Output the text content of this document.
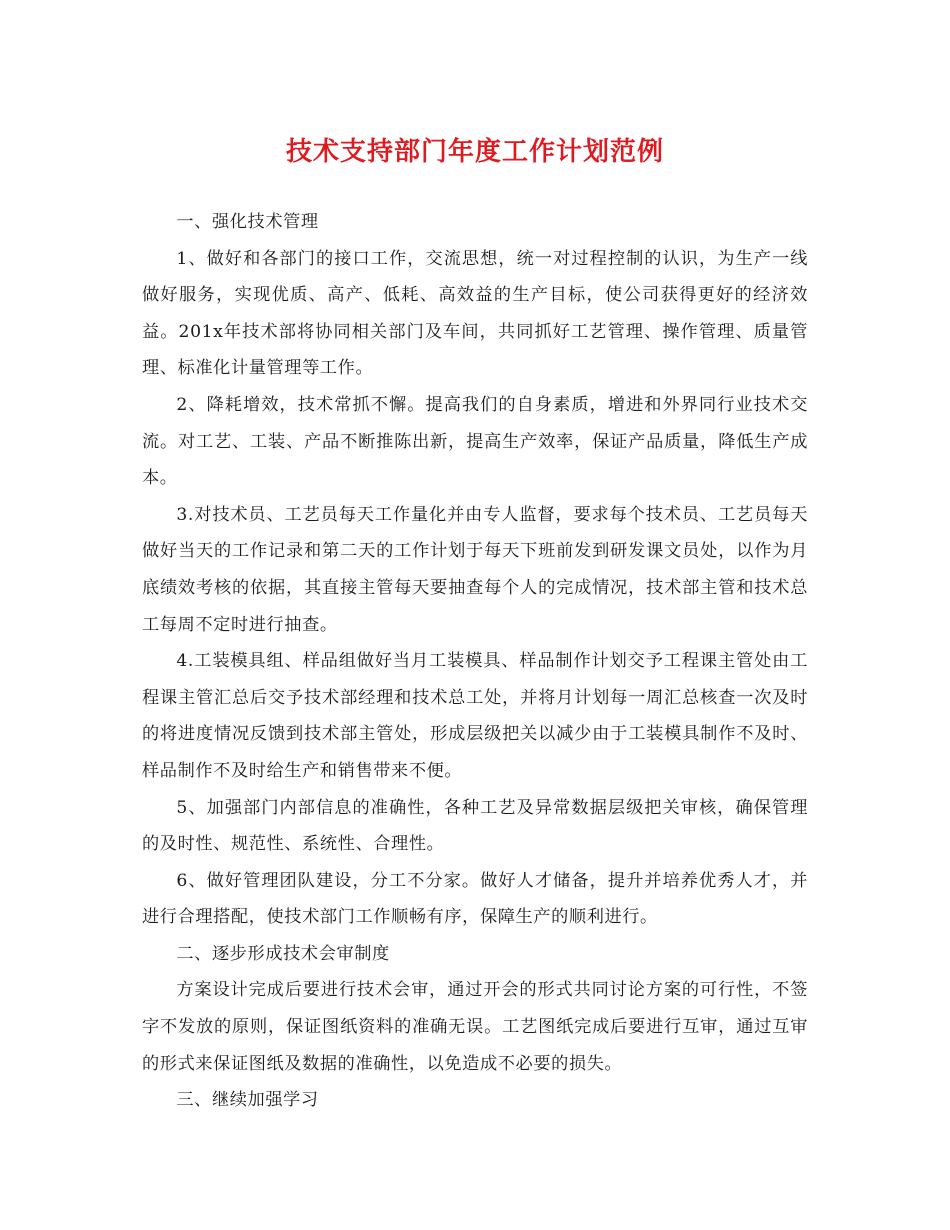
技术支持部门年度工作计划范例

一、强化技术管理

1、做好和各部门的接口工作，交流思想，统一对过程控制的认识，为生产一线做好服务，实现优质、高产、低耗、高效益的生产目标，使公司获得更好的经济效益。201x年技术部将协同相关部门及车间，共同抓好工艺管理、操作管理、质量管理、标准化计量管理等工作。

2、降耗增效，技术常抓不懈。提高我们的自身素质，增进和外界同行业技术交流。对工艺、工装、产品不断推陈出新，提高生产效率，保证产品质量，降低生产成本。

3.对技术员、工艺员每天工作量化并由专人监督，要求每个技术员、工艺员每天做好当天的工作记录和第二天的工作计划于每天下班前发到研发课文员处，以作为月底绩效考核的依据，其直接主管每天要抽查每个人的完成情况，技术部主管和技术总工每周不定时进行抽查。

4.工装模具组、样品组做好当月工装模具、样品制作计划交予工程课主管处由工程课主管汇总后交予技术部经理和技术总工处，并将月计划每一周汇总核查一次及时的将进度情况反馈到技术部主管处，形成层级把关以减少由于工装模具制作不及时、样品制作不及时给生产和销售带来不便。

5、加强部门内部信息的准确性，各种工艺及异常数据层级把关审核，确保管理的及时性、规范性、系统性、合理性。

6、做好管理团队建设，分工不分家。做好人才储备，提升并培养优秀人才，并进行合理搭配，使技术部门工作顺畅有序，保障生产的顺利进行。

二、逐步形成技术会审制度

方案设计完成后要进行技术会审，通过开会的形式共同讨论方案的可行性，不签字不发放的原则，保证图纸资料的准确无误。工艺图纸完成后要进行互审，通过互审的形式来保证图纸及数据的准确性，以免造成不必要的损失。

三、继续加强学习
